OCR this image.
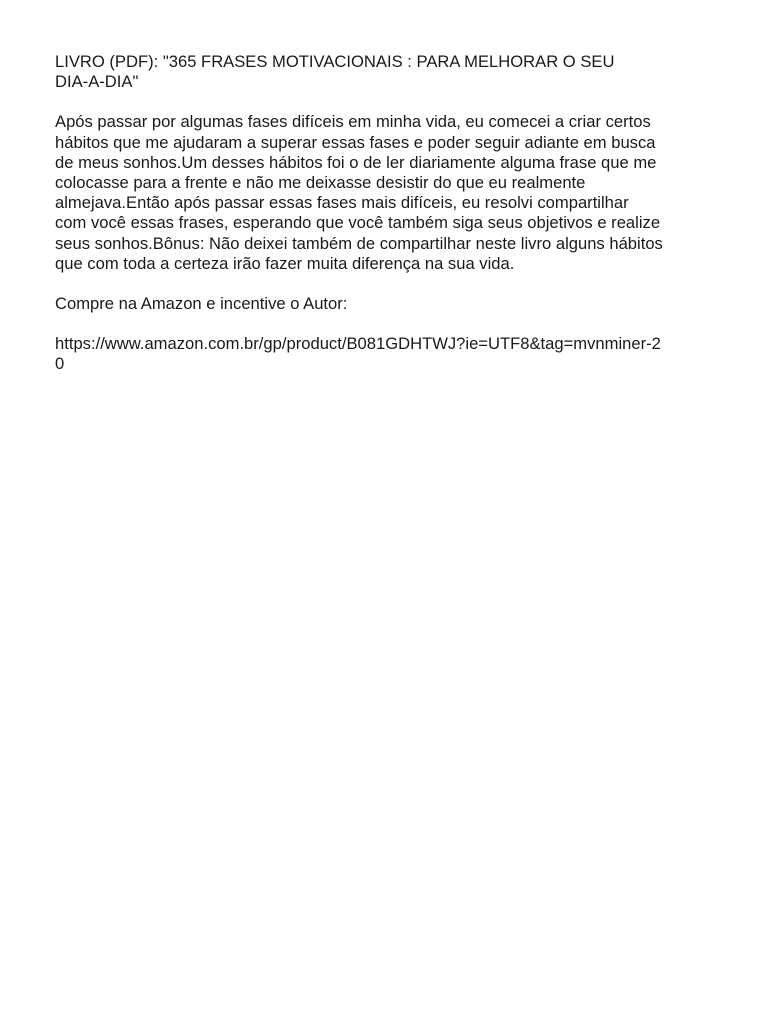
LIVRO (PDF): "365 FRASES MOTIVACIONAIS : PARA MELHORAR O SEU
DIA-A-DIA"
Após passar por algumas fases difíceis em minha vida, eu comecei a criar certos
hábitos que me ajudaram a superar essas fases e poder seguir adiante em busca
de meus sonhos.Um desses hábitos foi o de ler diariamente alguma frase que me
colocasse para a frente e não me deixasse desistir do que eu realmente
almejava.Então após passar essas fases mais difíceis, eu resolvi compartilhar
com você essas frases, esperando que você também siga seus objetivos e realize
seus sonhos.Bônus: Não deixei também de compartilhar neste livro alguns hábitos
que com toda a certeza irão fazer muita diferença na sua vida.
Compre na Amazon e incentive o Autor:
https://www.amazon.com.br/gp/product/B081GDHTWJ?ie=UTF8&tag=mvnminer-2
0
